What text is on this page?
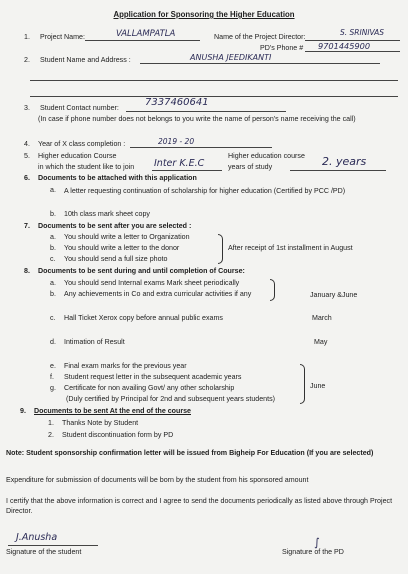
Application for Sponsoring the Higher Education
1. Project Name:	VALLAMPATLA	Name of the Project Director:	S. SRINIVAS
PD's Phone # 9701445900
2. Student Name and Address :	ANUSHA JEEDIKANTI
3. Student Contact number:	7337460641
(In case if phone number does not belongs to you write the name of person's name receiving the call)
4. Year of X class completion :	2019 - 20
5. Higher education Course
in which the student like to join Inter K.E.C
Higher education course
years of study	2. years
6. Documents to be attached with this application
a. A letter requesting continuation of scholarship for higher education (Certified by PCC /PD)
b. 10th class mark sheet copy
7. Documents to be sent after you are selected :
a. You should write a letter to Organization
b. You should write a letter to the donor
c. You should send a full size photo
After receipt of 1st installment in August
8. Documents to be sent during and until completion of Course:
a. You should send Internal exams Mark sheet periodically
b. Any achievements in Co and extra curricular activities if any	January &June
c. Hall Ticket Xerox copy before annual public exams	March
d. Intimation of Result	May
e. Final exam marks for the previous year
f. Student request letter in the subsequent academic years
g. Certificate for non availing Govt/ any other scholarship
(Duly certified by Principal for 2nd and subsequent years students)
June
9. Documents to be sent At the end of the course
1. Thanks Note by Student
2. Student discontinuation form by PD
Note: Student sponsorship confirmation letter will be issued from Bigheip For Education (If you are selected)
Expenditure for submission of documents will be born by the student from his sponsored amount
I certify that the above information is correct and I agree to send the documents periodically as listed above through Project Director.
J.Anusha
Signature of the student
∫
Signature of the PD
